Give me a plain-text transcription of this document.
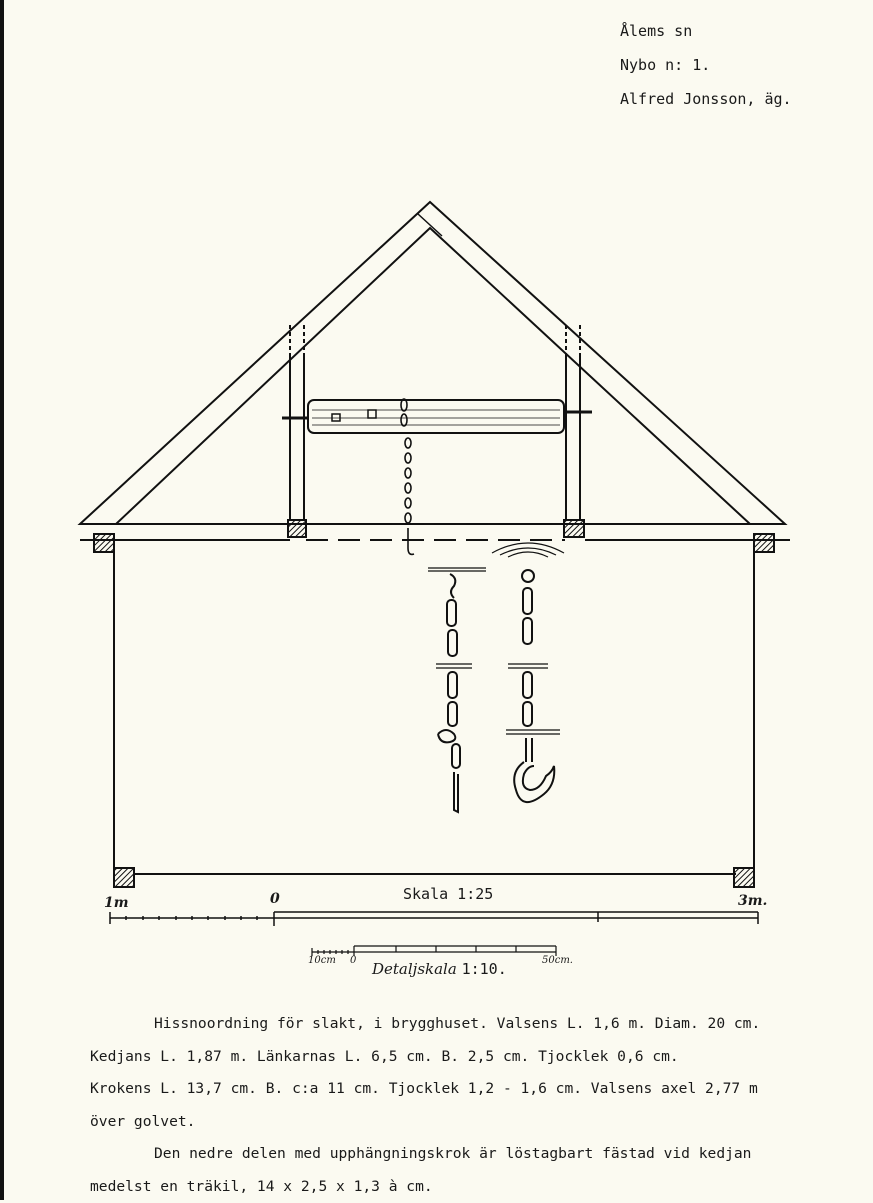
Ålems sn
Nybo n: 1.
Alfred Jonsson, äg.
Skala 1:25
1m	0	3m.
10cm 0	50cm.
Detaljskala 1:10.

Hissnoordning för slakt, i brygghuset. Valsens L. 1,6 m. Diam. 20 cm.

Kedjans L. 1,87 m. Länkarnas L. 6,5 cm. B. 2,5 cm. Tjocklek 0,6 cm.

Krokens L. 13,7 cm. B. c:a 11 cm. Tjocklek 1,2 - 1,6 cm. Valsens axel 2,77 m

över golvet.

Den nedre delen med upphängningskrok är löstagbart fästad vid kedjan

medelst en träkil, 14 x 2,5 x 1,3 à cm.
